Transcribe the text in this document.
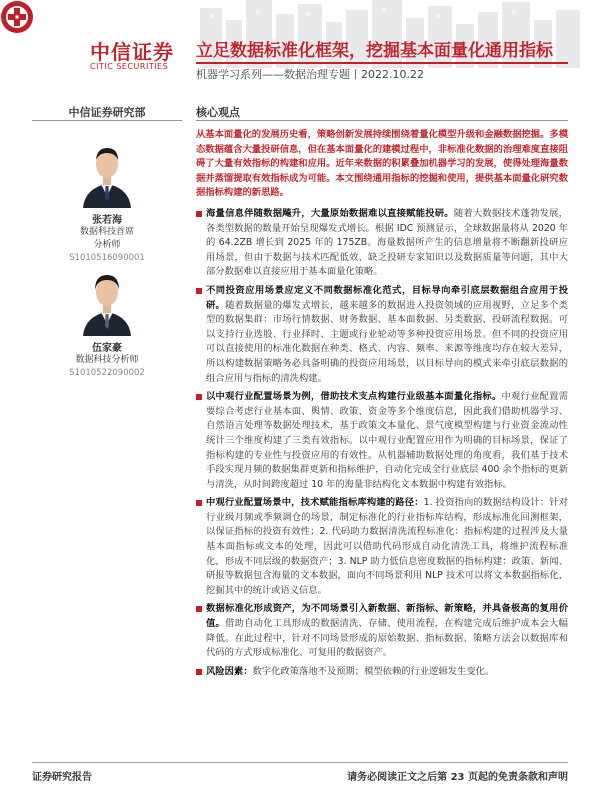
中信证券
CITIC SECURITIES
立足数据标准化框架，挖掘基本面量化通用指标
机器学习系列——数据治理专题丨2022.10.22
中信证券研究部	核心观点
张若海
数据科技首席
分析师
S1010516090001
伍家豪
数据科技分析师
S1010522090002
从基本面量化的发展历史看，策略创新发展持续围绕着量化模型升级和金融数据挖掘。多模态数据蕴含大量投研信息，但在基本面量化的建模过程中，非标准化数据的治理难度直接阻碍了大量有效指标的构建和应用。近年来数据的积累叠加机器学习的发展，使得处理海量数据并蒸馏提取有效指标成为可能。本文围绕通用指标的挖掘和使用，提供基本面量化研究数据指标构建的新思路。
海量信息伴随数据飚升，大量原始数据难以直接赋能投研。随着大数据技术蓬勃发展，各类型数据的数量开始呈现爆发式增长。根据 IDC 预测显示，全球数据量将从 2020 年的 64.2ZB 增长到 2025 年的 175ZB。海量数据所产生的信息增量将不断翻新投研应用场景，但由于数据与技术匹配低效、缺乏投研专家知识以及数据质量等问题，其中大部分数据难以直接应用于基本面量化策略。
不同投资应用场景应定义不同数据标准化范式，目标导向牵引底层数据组合应用于投研。随着数据量的爆发式增长，越来越多的数据进入投资领域的应用视野，立足多个类型的数据集群：市场行情数据、财务数据、基本面数据、另类数据、投研流程数据。可以支持行业选股、行业择时、主题或行业轮动等多种投资应用场景。但不同的投资应用可以直接使用的标准化数据在种类、格式、内容、频率、来源等维度均存在较大差异，所以构建数据策略务必具备明确的投资应用场景，以目标导向的模式来牵引底层数据的组合应用与指标的清洗构建。
以中观行业配置场景为例，借助技术支点构建行业级基本面量化指标。中观行业配置需要综合考虑行业基本面、舆情、政策、资金等多个维度信息，因此我们借助机器学习、自然语言处理等数据处理技术，基于政策文本量化、景气度模型构建与行业资金流动性统计三个维度构建了三类有效指标。以中观行业配置应用作为明确的目标场景，保证了指标构建的专业性与投资应用的有效性。从机器辅助数据处理的角度看，我们基于技术手段实现月频的数据集群更新和指标维护，自动化完成全行业底层 400 余个指标的更新与清洗，从时间跨度超过 10 年的海量非结构化文本数据中构建有效指标。
中观行业配置场景中，技术赋能指标库构建的路径：1. 投资指向的数据结构设计：针对行业级月频或季频调仓的场景，制定标准化的行业指标库结构，形成标准化回测框架，以保证指标的投资有效性；2. 代码助力数据清洗流程标准化：指标构建的过程涉及大量基本面指标或文本的处理，因此可以借助代码形成自动化清洗工具，将维护流程标准化，形成不同层级的数据资产；3. NLP 助力低信息密度数据的指标构建：政策、新闻、研报等数据包含海量的文本数据，面向不同场景利用 NLP 技术可以将文本数据指标化，挖掘其中的统计或语义信息。
数据标准化形成资产，为不同场景引入新数据、新指标、新策略，并具备极高的复用价值。借助自动化工具形成的数据清洗、存储、使用流程，在构建完成后维护成本会大幅降低。在此过程中，针对不同场景形成的原始数据、指标数据、策略方法会以数据库和代码的方式形成标准化、可复用的数据资产。
风险因素：数字化政策落地不及预期；模型依赖的行业逻辑发生变化。
证券研究报告	请务必阅读正文之后第 23 页起的免责条款和声明
